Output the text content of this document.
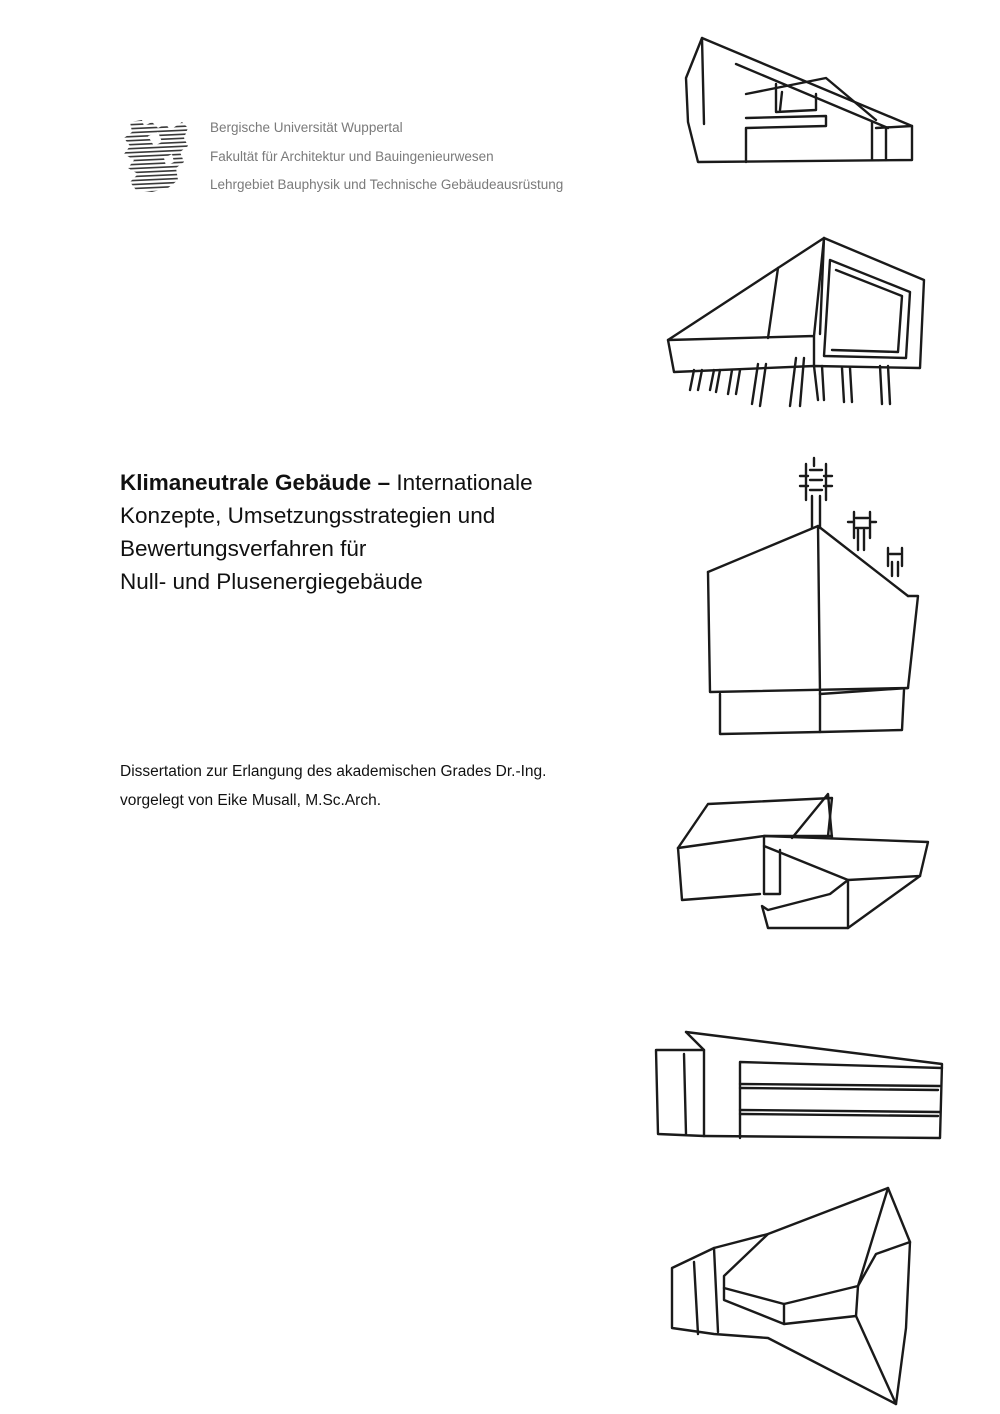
Bergische Universität Wuppertal
Fakultät für Architektur und Bauingenieurwesen
Lehrgebiet Bauphysik und Technische Gebäudeausrüstung
Klimaneutrale Gebäude – Internationale
Konzepte, Umsetzungsstrategien und
Bewertungsverfahren für
Null- und Plusenergiegebäude
Dissertation zur Erlangung des akademischen Grades Dr.-Ing.
vorgelegt von Eike Musall, M.Sc.Arch.
